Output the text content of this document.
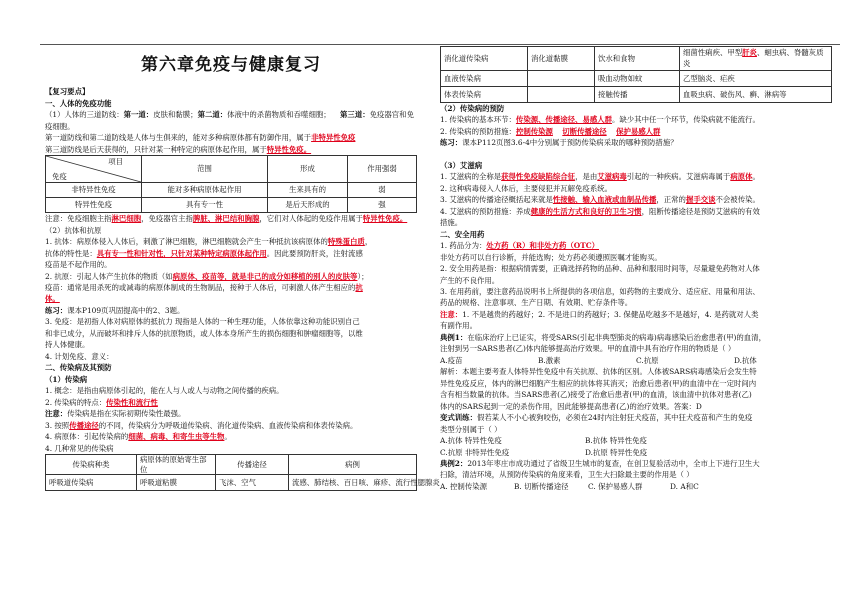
第六章免疫与健康复习

【复习要点】

一、人体的免疫功能

（1）人体的三道防线：第一道：皮肤和黏膜；第二道：体液中的杀菌物质和吞噬细胞； 第三道：免疫器官和免疫细胞。

第一道防线和第二道防线是人体与生俱来的，能对多种病原体都有防御作用，属于非特异性免疫

第三道防线是后天获得的，只针对某一种特定的病原体起作用，属于特异性免疫。

项目
免疫	范围	形成	作用强弱
非特异性免疫	能对多种病原体起作用	生来具有的	弱
特异性免疫	具有专一性	是后天形成的	强

注意：免疫细胞主指淋巴细胞，免疫器官主指脾脏、淋巴结和胸腺，它们对人体起的免疫作用属于特异性免疫。

（2）抗体和抗原

1. 抗体：病原体侵入人体后，刺激了淋巴细胞，淋巴细胞就会产生一种抵抗该病原体的特殊蛋白质，

抗体的特性是：具有专一性和针对性，只针对某种特定病原体起作用。因此要预防肝炎，注射流感

疫苗是不起作用的。

2. 抗原：引起人体产生抗体的物质（如病原体、疫苗等，就是非己的成分如移植的别人的皮肤等）；

疫苗：通常是用杀死的或减毒的病原体制成的生物制品，接种于人体后，可刺激人体产生相应的抗

体。

练习：课本P109页巩固提高中的2、3题。

3. 免疫：是初指人体对病原体的抵抗力 现指是人体的一种生理功能，人体依靠这种功能识别自己

和非已成分，从而破坏和排斥人体的抗原物质，或人体本身所产生的损伤细胞和肿瘤细胞等，以维

持人体健康。

4. 计划免疫、意义：

二、传染病及其预防

（1）传染病

1. 概念：是指由病原体引起的，能在人与人或人与动物之间传播的疾病。

2. 传染病的特点：传染性和流行性

注意：传染病是指在实际初期传染性最强。

3. 按照传播途径的不同，传染病分为呼吸道传染病、消化道传染病、血液传染病和体表传染病。

4. 病原体：引起传染病的细菌、病毒、和寄生虫等生物。

4. 几种常见的传染病

传染病种类	病原体的原始寄生部位	传播途径	病例
呼吸道传染病	呼吸道粘膜	飞沫、空气	流感、肺结核、百日咳、麻疹、流行性腮腺炎
消化道传染病	消化道黏膜	饮水和食物	细菌性痢疾、甲型肝炎、蛔虫病、脊髓灰质炎
血液传染病		吸血动物如蚊	乙型脑炎、疟疾
体表传染病		接触传播	血吸虫病、破伤风、癣、淋病等

（2）传染病的预防

1. 传染病的基本环节：传染源、传播途径、易感人群。缺少其中任一个环节，传染病就不能流行。

2. 传染病的预防措施：控制传染源 切断传播途径 保护易感人群

练习：课本P112页图3.6-4中分别属于预防传染病采取的哪种预防措施？

（3）艾滋病

1. 艾滋病的全称是获得性免疫缺陷综合征，是由艾滋病毒引起的一种疾病。艾滋病毒属于病原体。

2. 这种病毒侵入人体后，主要侵犯并瓦解免疫系统。

3. 艾滋病的传播途径概括起来就是性接触、输入血液或血制品传播，正常的握手交谈不会被传染。

4. 艾滋病的预防措施：养成健康的生活方式和良好的卫生习惯，阻断传播途径是预防艾滋病的有效

措施。

二、安全用药

1. 药品分为：处方药（R）和非处方药（OTC）

非处方药可以自行诊断，并能选购；处方药必须遵照医嘱才能购买。

2. 安全用药是指：根据病情需要，正确选择药物的品种、品种和服用时间等，尽量避免药物对人体

产生的不良作用。

3. 在用药前，要注意药品说明书上所提供的各项信息，如药物的主要成分、适应症、用量和用法、

药品的规格、注意事项、生产日期、有效期、贮存条件等。

注意：1. 不是越贵的药越好；2. 不是进口的药越好；3. 保健品吃越多不是越好，4. 是药就对人类

有副作用。

典例1：在临床治疗上已证实，将受SARS(引起非典型肺炎的病毒)病毒感染后治愈患者(甲)的血清，

注射到另一SARS患者(乙)体内能够提高治疗效果。甲的血清中具有治疗作用的物质是（ ）

A.疫苗	B.激素	C.抗原	D.抗体

解析：本题主要考查人体特异性免疫中有关抗原、抗体的区别。人体被SARS病毒感染后会发生特

异性免疫反应，体内的淋巴细胞产生相应的抗体将其消灭；治愈后患者(甲)的血清中在一定时间内

含有相当数量的抗体。当SARS患者(乙)接受了治愈后患者(甲)的血清，该血清中抗体对患者(乙)

体内的SARS起到一定的杀伤作用，因此能够提高患者(乙)的治疗效果。答案：D

变式训练：假若某人不小心被狗咬伤，必须在24时内注射狂犬疫苗，其中狂犬疫苗和产生的免疫

类型分别属于（ ）

A.抗体 特异性免疫	B.抗体 特异性免疫

C.抗原 非特异性免疫	D.抗原 特异性免疫

典例2：2013年枣庄市成功通过了省级卫生城市的复查，在创卫复验活动中，全市上下进行卫生大

扫除，清洁环境，从预防传染病的角度来看，卫生大扫除最主要的作用是（ ）

A. 控制传染源	B. 切断传播途径	C. 保护易感人群	D. A和C
